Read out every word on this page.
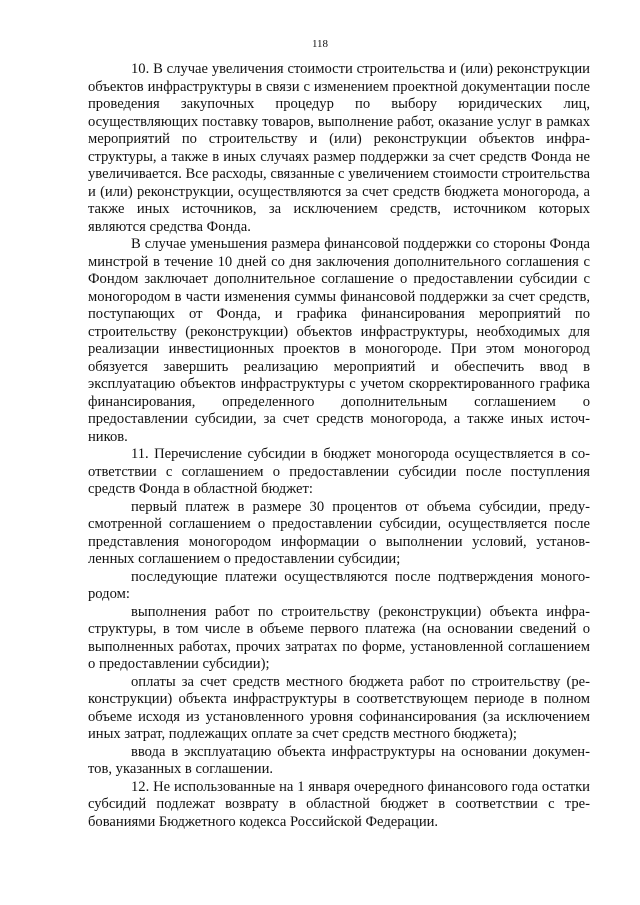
118

10. В случае увеличения стоимости строительства и (или) реконструкции объектов инфраструктуры в связи с изменением проектной документации после проведения закупочных процедур по выбору юридических лиц, осуществляющих поставку товаров, выполнение работ, оказание услуг в рамках мероприятий по строительству и (или) реконструкции объектов инфраструктуры, а также в иных случаях размер поддержки за счет средств Фонда не увеличивается. Все расходы, связанные с увеличением стоимости строительства и (или) реконструкции, осуществляются за счет средств бюджета моногорода, а также иных источников, за исключением средств, источником которых являются средства Фонда.

В случае уменьшения размера финансовой поддержки со стороны Фонда минстрой в течение 10 дней со дня заключения дополнительного соглашения с Фондом заключает дополнительное соглашение о предоставлении субсидии с моногородом в части изменения суммы финансовой поддержки за счет средств, поступающих от Фонда, и графика финансирования мероприятий по строительству (реконструкции) объектов инфраструктуры, необходимых для реализации инвестиционных проектов в моногороде. При этом моногород обязуется завершить реализацию мероприятий и обеспечить ввод в эксплуатацию объектов инфраструктуры с учетом скорректированного графика финансирования, определенного дополнительным соглашением о предоставлении субсидии, за счет средств моногорода, а также иных источников.

11. Перечисление субсидии в бюджет моногорода осуществляется в соответствии с соглашением о предоставлении субсидии после поступления средств Фонда в областной бюджет:

первый платеж в размере 30 процентов от объема субсидии, предусмотренной соглашением о предоставлении субсидии, осуществляется после представления моногородом информации о выполнении условий, установленных соглашением о предоставлении субсидии;

последующие платежи осуществляются после подтверждения моногородом:

выполнения работ по строительству (реконструкции) объекта инфраструктуры, в том числе в объеме первого платежа (на основании сведений о выполненных работах, прочих затратах по форме, установленной соглашением о предоставлении субсидии);

оплаты за счет средств местного бюджета работ по строительству (реконструкции) объекта инфраструктуры в соответствующем периоде в полном объеме исходя из установленного уровня софинансирования (за исключением иных затрат, подлежащих оплате за счет средств местного бюджета);

ввода в эксплуатацию объекта инфраструктуры на основании документов, указанных в соглашении.

12. Не использованные на 1 января очередного финансового года остатки субсидий подлежат возврату в областной бюджет в соответствии с требованиями Бюджетного кодекса Российской Федерации.
